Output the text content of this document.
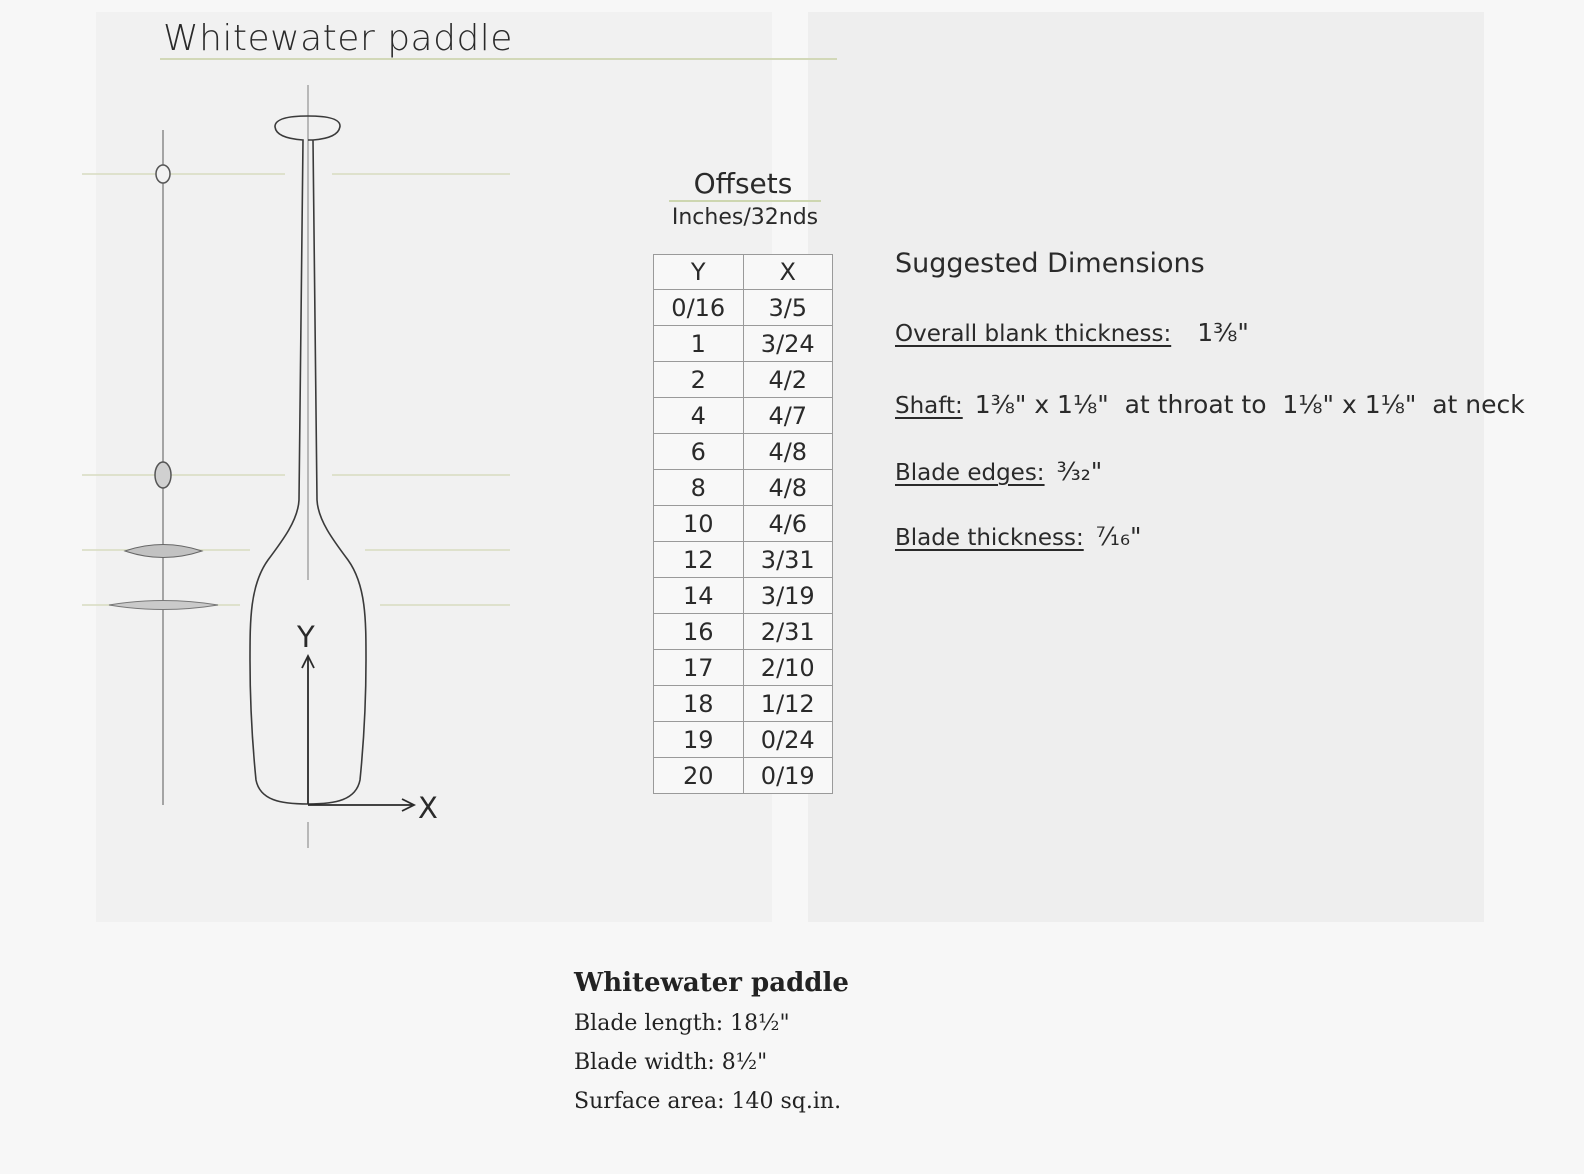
Whitewater paddle
Y
X
Offsets
Inches/32nds
Y	X
0/16	3/5
1	3/24
2	4/2
4	4/7
6	4/8
8	4/8
10	4/6
12	3/31
14	3/19
16	2/31
17	2/10
18	1/12
19	0/24
20	0/19
Suggested Dimensions
Overall blank thickness: 1⅜"
Shaft: 1⅜" x 1⅛"  at throat to  1⅛" x 1⅛"  at neck
Blade edges: ³⁄₃₂"
Blade thickness: ⁷⁄₁₆"
Whitewater paddle
Blade length: 18½"
Blade width: 8½"
Surface area: 140 sq.in.
